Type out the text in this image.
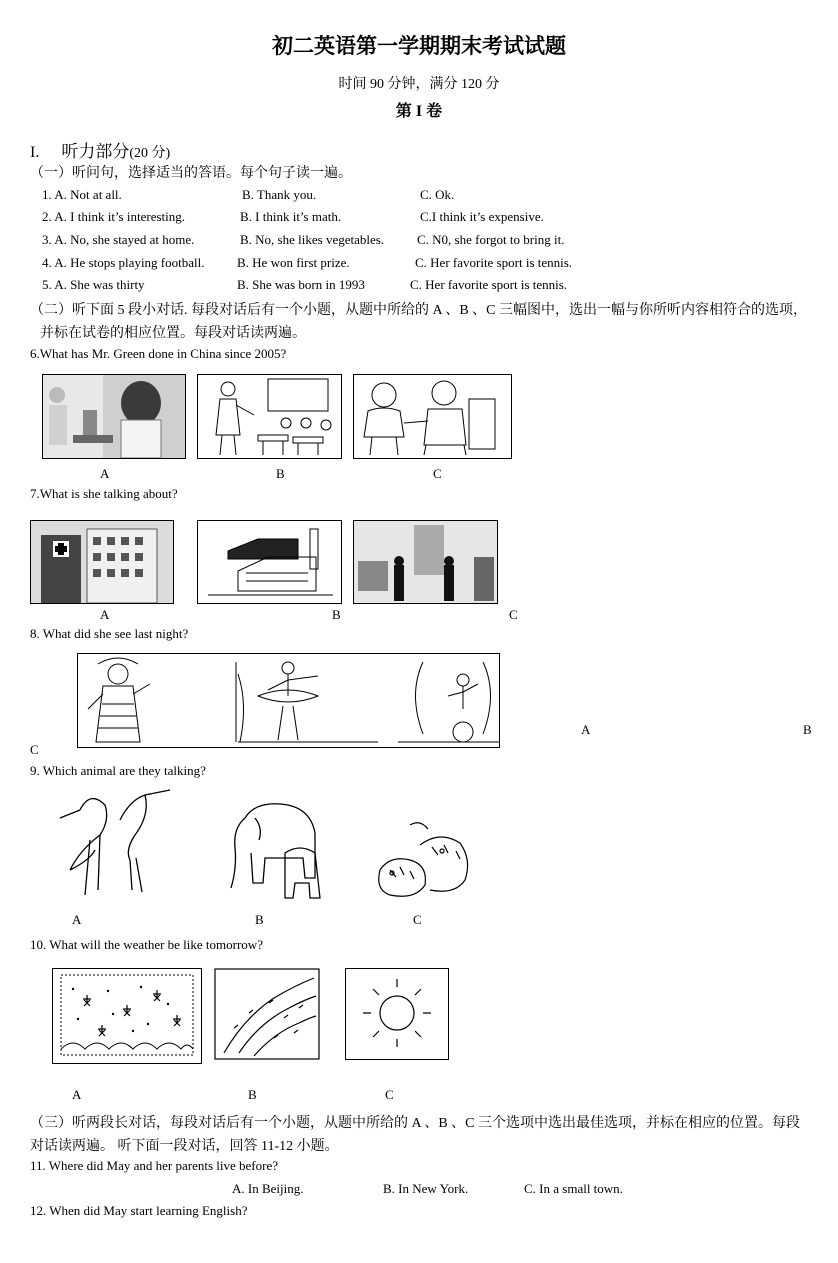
初二英语第一学期期末考试试题
时间 90 分钟，满分 120 分
第 I 卷
I. 听力部分(20 分)
（一）听问句，选择适当的答语。每个句子读一遍。
1. A. Not at all.	B. Thank you.	C. Ok.
2. A. I think it’s interesting.	B. I think it’s math.	C.I think it’s expensive.
3. A. No, she stayed at home.	B. No, she likes vegetables.	C. N0, she forgot to bring it.
4. A. He stops playing football.	B. He won first prize.	C. Her favorite sport is tennis.
5. A. She was thirty	B. She was born in 1993	C. Her favorite sport is tennis.
（二）听下面 5 段小对话. 每段对话后有一个小题，从题中所给的 A 、B 、C 三幅图中，选出一幅与你所听内容相符合的选项，
并标在试卷的相应位置。每段对话读两遍。
6.What has Mr. Green done in China since 2005?
A	B	C
7.What is she talking about?
A	B	C
8. What did she see last night?
A	B
C
9. Which animal are they talking?
A	B	C
10. What will the weather be like tomorrow?
A	B	C
（三）听两段长对话，每段对话后有一个小题，从题中所给的 A 、B 、C 三个选项中选出最佳选项，并标在相应的位置。每段
对话读两遍。 听下面一段对话，回答 11-12 小题。
11. Where did May and her parents live before?
A. In Beijing.	B. In New York.	C. In a small town.
12. When did May start learning English?
